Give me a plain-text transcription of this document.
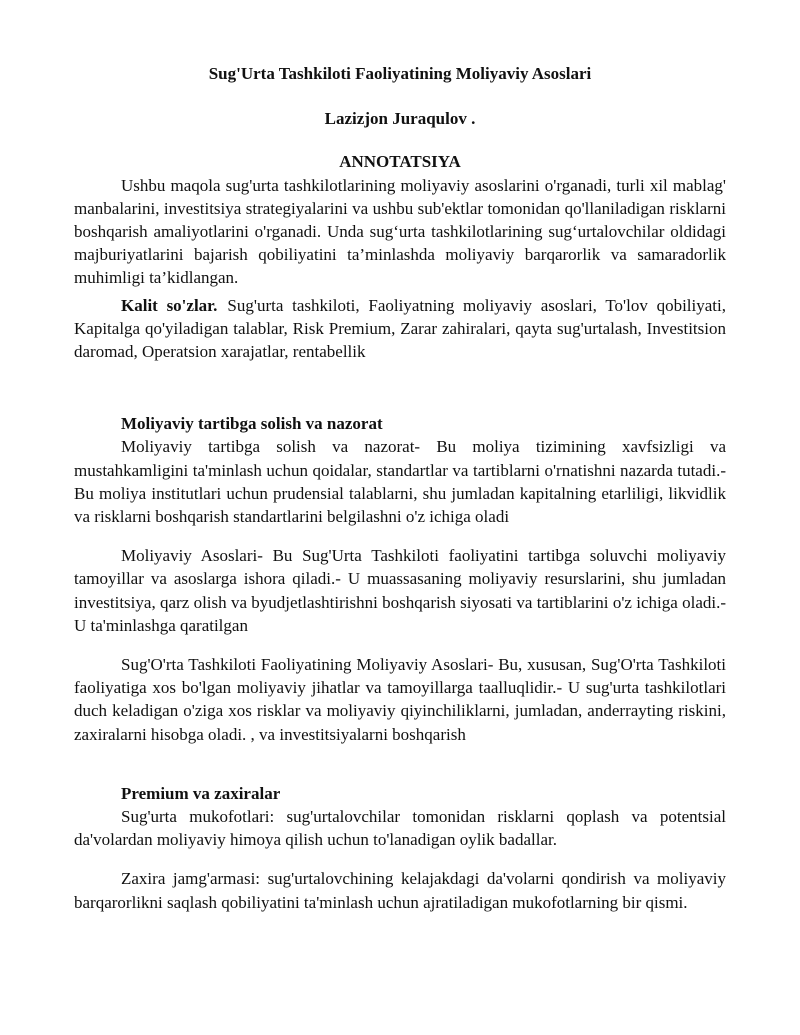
Sug'Urta Tashkiloti Faoliyatining Moliyaviy Asoslari
Lazizjon Juraqulov .
ANNOTATSIYA

Ushbu maqola sug'urta tashkilotlarining moliyaviy asoslarini o'rganadi, turli xil mablag' manbalarini, investitsiya strategiyalarini va ushbu sub'ektlar tomonidan qo'llaniladigan risklarni boshqarish amaliyotlarini o'rganadi. Unda sug‘urta tashkilotlarining sug‘urtalovchilar oldidagi majburiyatlarini bajarish qobiliyatini ta’minlashda moliyaviy barqarorlik va samaradorlik muhimligi ta’kidlangan.

Kalit so'zlar. Sug'urta tashkiloti, Faoliyatning moliyaviy asoslari, To'lov qobiliyati, Kapitalga qo'yiladigan talablar, Risk Premium, Zarar zahiralari, qayta sug'urtalash, Investitsion daromad, Operatsion xarajatlar, rentabellik

Moliyaviy tartibga solish va nazorat

Moliyaviy tartibga solish va nazorat- Bu moliya tizimining xavfsizligi va mustahkamligini ta'minlash uchun qoidalar, standartlar va tartiblarni o'rnatishni nazarda tutadi.- Bu moliya institutlari uchun prudensial talablarni, shu jumladan kapitalning etarliligi, likvidlik va risklarni boshqarish standartlarini belgilashni o'z ichiga oladi

Moliyaviy Asoslari- Bu Sug'Urta Tashkiloti faoliyatini tartibga soluvchi moliyaviy tamoyillar va asoslarga ishora qiladi.- U muassasaning moliyaviy resurslarini, shu jumladan investitsiya, qarz olish va byudjetlashtirishni boshqarish siyosati va tartiblarini o'z ichiga oladi.- U ta'minlashga qaratilgan

Sug'O'rta Tashkiloti Faoliyatining Moliyaviy Asoslari- Bu, xususan, Sug'O'rta Tashkiloti faoliyatiga xos bo'lgan moliyaviy jihatlar va tamoyillarga taalluqlidir.- U sug'urta tashkilotlari duch keladigan o'ziga xos risklar va moliyaviy qiyinchiliklarni, jumladan, anderrayting riskini, zaxiralarni hisobga oladi. , va investitsiyalarni boshqarish

Premium va zaxiralar

Sug'urta mukofotlari: sug'urtalovchilar tomonidan risklarni qoplash va potentsial da'volardan moliyaviy himoya qilish uchun to'lanadigan oylik badallar.

Zaxira jamg'armasi: sug'urtalovchining kelajakdagi da'volarni qondirish va moliyaviy barqarorlikni saqlash qobiliyatini ta'minlash uchun ajratiladigan mukofotlarning bir qismi.
